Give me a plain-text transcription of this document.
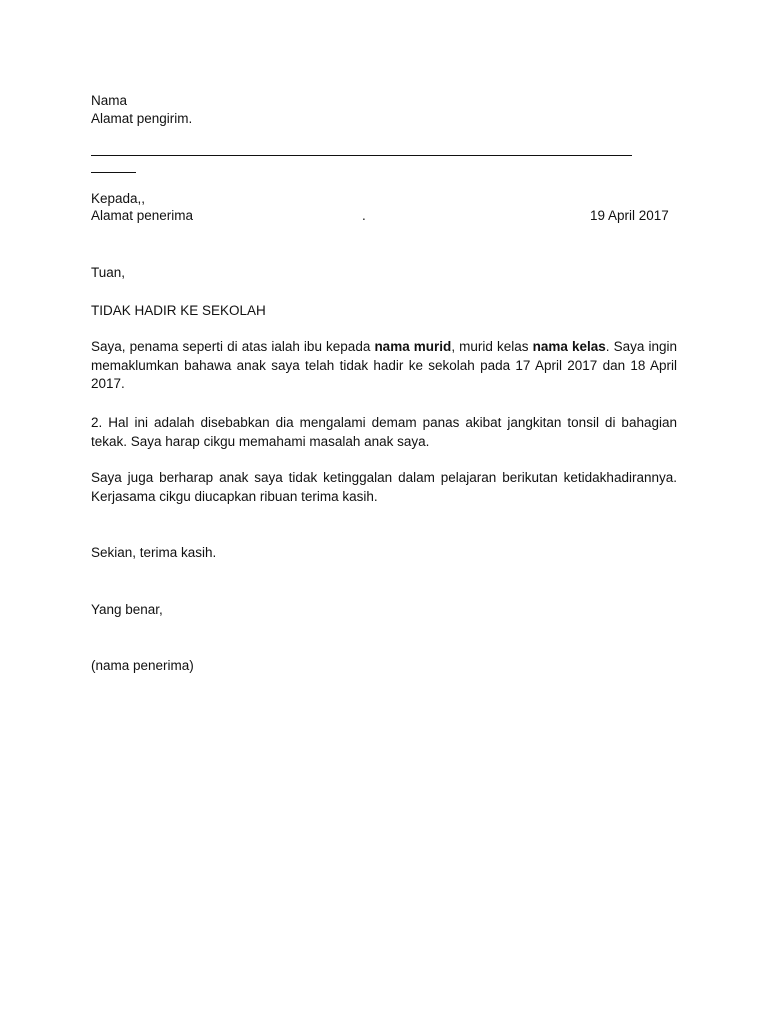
Nama
Alamat pengirim.
Kepada,,
Alamat penerima	.	19 April 2017
Tuan,
TIDAK HADIR KE SEKOLAH

Saya, penama seperti di atas ialah ibu kepada nama murid, murid kelas nama kelas. Saya ingin memaklumkan bahawa anak saya telah tidak hadir ke sekolah pada 17 April 2017 dan 18 April 2017.

2. Hal ini adalah disebabkan dia mengalami demam panas akibat jangkitan tonsil di bahagian tekak. Saya harap cikgu memahami masalah anak saya.

Saya juga berharap anak saya tidak ketinggalan dalam pelajaran berikutan ketidakhadirannya. Kerjasama cikgu diucapkan ribuan terima kasih.

Sekian, terima kasih.
Yang benar,
(nama penerima)
